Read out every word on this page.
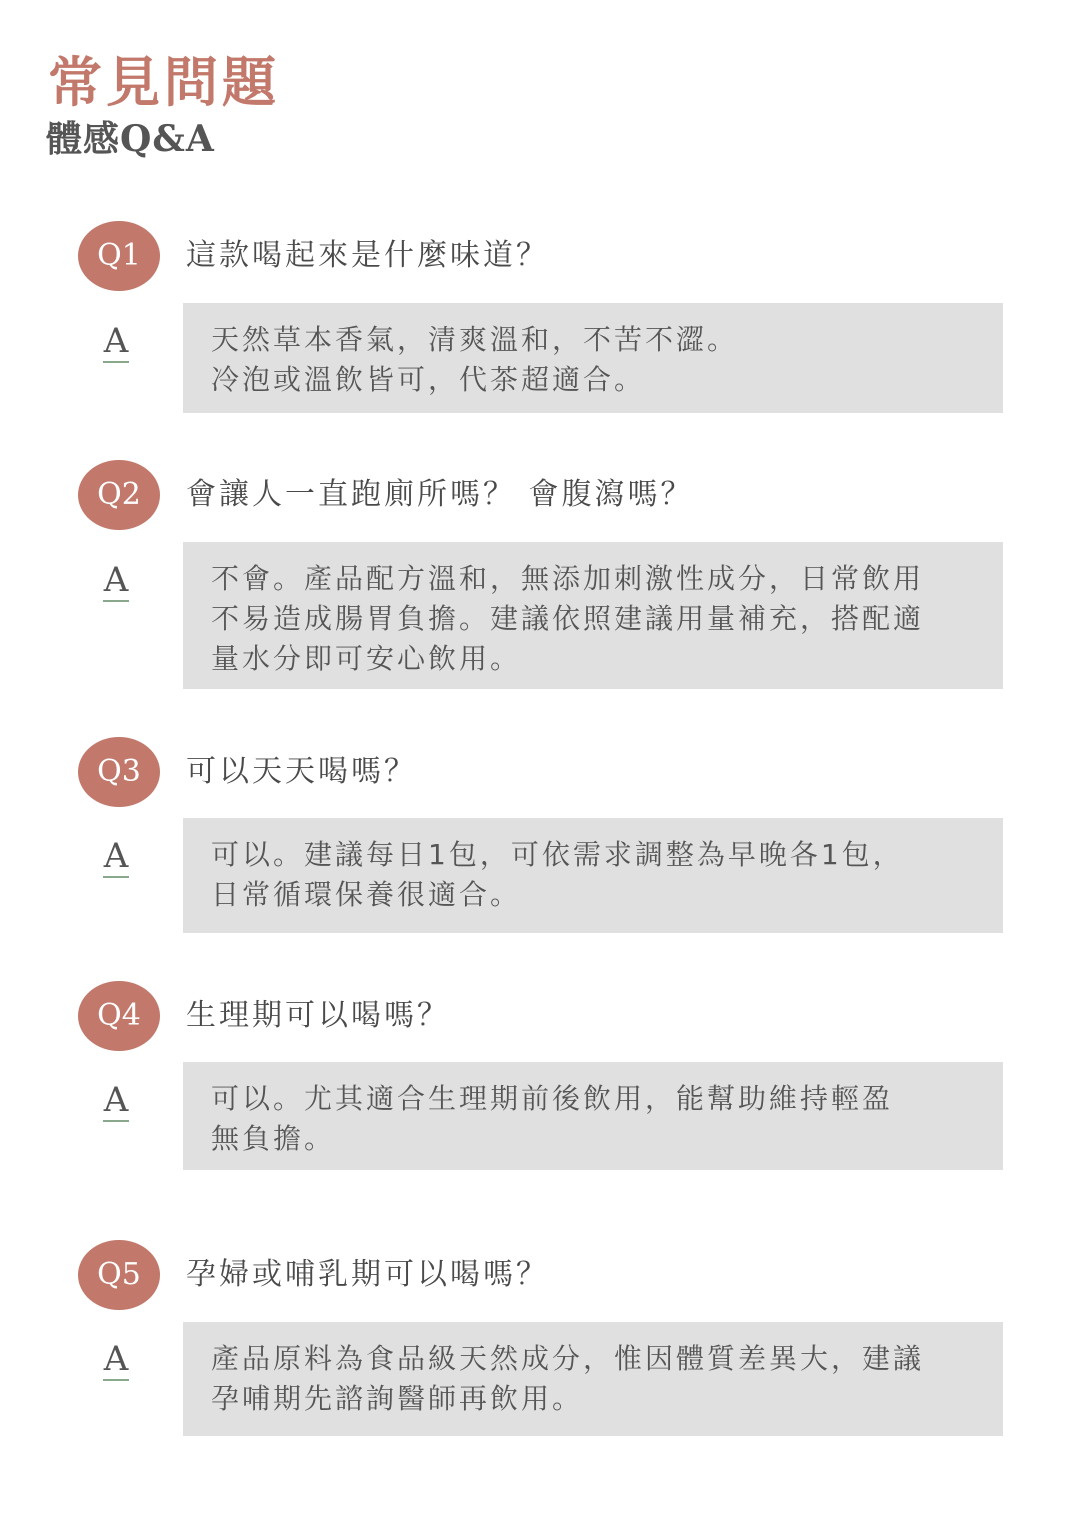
常見問題
體感Q&A
Q1	這款喝起來是什麼味道？
A	天然草本香氣，清爽溫和，不苦不澀。
冷泡或溫飲皆可，代茶超適合。
Q2	會讓人一直跑廁所嗎？ 會腹瀉嗎？
A	不會。產品配方溫和，無添加刺激性成分，日常飲用
不易造成腸胃負擔。建議依照建議用量補充，搭配適
量水分即可安心飲用。
Q3	可以天天喝嗎？
A	可以。建議每日1包，可依需求調整為早晚各1包，
日常循環保養很適合。
Q4	生理期可以喝嗎？
A	可以。尤其適合生理期前後飲用，能幫助維持輕盈
無負擔。
Q5	孕婦或哺乳期可以喝嗎？
A	產品原料為食品級天然成分，惟因體質差異大，建議
孕哺期先諮詢醫師再飲用。
